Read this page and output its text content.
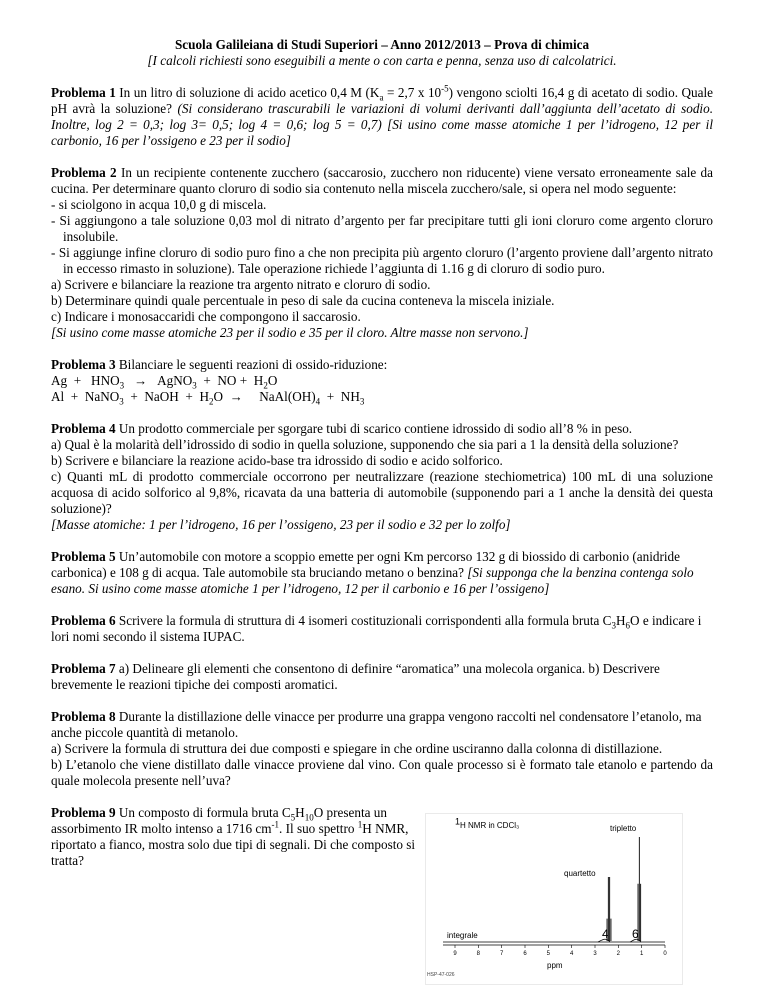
Scuola Galileiana di Studi Superiori – Anno 2012/2013 – Prova di chimica

[I calcoli richiesti sono eseguibili a mente o con carta e penna, senza uso di calcolatrici.

Problema 1 In un litro di soluzione di acido acetico 0,4 M ($K_a = 2,7$ x $10^{-5}$) vengono sciolti 16,4 g di acetato di sodio. Quale pH avrà la soluzione? (Si considerano trascurabili le variazioni di volumi derivanti dall’aggiunta dell’acetato di sodio. Inoltre, log 2 = 0,3; log 3= 0,5; log 4 = 0,6; log 5 = 0,7) [Si usino come masse atomiche 1 per l’idrogeno, 12 per il carbonio, 16 per l’ossigeno e 23 per il sodio]

Problema 2 In un recipiente contenente zucchero (saccarosio, zucchero non riducente) viene versato erroneamente sale da cucina. Per determinare quanto cloruro di sodio sia contenuto nella miscela zucchero/sale, si opera nel modo seguente:

- si sciolgono in acqua 10,0 g di miscela.

- Si aggiungono a tale soluzione 0,03 mol di nitrato d’argento per far precipitare tutti gli ioni cloruro come argento cloruro insolubile.

- Si aggiunge infine cloruro di sodio puro fino a che non precipita più argento cloruro (l’argento proviene dall’argento nitrato in eccesso rimasto in soluzione). Tale operazione richiede l’aggiunta di 1.16 g di cloruro di sodio puro.

a) Scrivere e bilanciare la reazione tra argento nitrato e cloruro di sodio.

b) Determinare quindi quale percentuale in peso di sale da cucina conteneva la miscela iniziale.

c) Indicare i monosaccaridi che compongono il saccarosio.

[Si usino come masse atomiche 23 per il sodio e 35 per il cloro. Altre masse non servono.]

Problema 3 Bilanciare le seguenti reazioni di ossido-riduzione:

$Ag + HNO_3$ → AgNO$_3$ + NO + $H_2O$

Al + NaNO$_3$ + NaOH + $H_2O$ → $NaAl(OH)_4 + NH_3$

Problema 4 Un prodotto commerciale per sgorgare tubi di scarico contiene idrossido di sodio all’8 % in peso.

a) Qual è la molarità dell’idrossido di sodio in quella soluzione, supponendo che sia pari a 1 la densità della soluzione?

b) Scrivere e bilanciare la reazione acido-base tra idrossido di sodio e acido solforico.

c) Quanti mL di prodotto commerciale occorrono per neutralizzare (reazione stechiometrica) 100 mL di una soluzione acquosa di acido solforico al 9,8%, ricavata da una batteria di automobile (supponendo pari a 1 anche la densità dei questa soluzione)?

[Masse atomiche: 1 per l’idrogeno, 16 per l’ossigeno, 23 per il sodio e 32 per lo zolfo]

Problema 5 Un’automobile con motore a scoppio emette per ogni Km percorso 132 g di biossido di carbonio (anidride carbonica) e 108 g di acqua. Tale automobile sta bruciando metano o benzina? [Si supponga che la benzina contenga solo esano. Si usino come masse atomiche 1 per l’idrogeno, 12 per il carbonio e 16 per l’ossigeno]

Problema 6 Scrivere la formula di struttura di 4 isomeri costituzionali corrispondenti alla formula bruta $C_3H_6O$ e indicare i lori nomi secondo il sistema IUPAC.

Problema 7 a) Delineare gli elementi che consentono di definire “aromatica” una molecola organica. b) Descrivere brevemente le reazioni tipiche dei composti aromatici.

Problema 8 Durante la distillazione delle vinacce per produrre una grappa vengono raccolti nel condensatore l’etanolo, ma anche piccole quantità di metanolo.

a) Scrivere la formula di struttura dei due composti e spiegare in che ordine usciranno dalla colonna di distillazione.

b) L’etanolo che viene distillato dalle vinacce proviene dal vino. Con quale processo si è formato tale etanolo e partendo da quale molecola presente nell’uva?

Problema 9 Un composto di formula bruta $C_5H_{10}O$ presenta un assorbimento IR molto intenso a 1716 $cm^{-1}$. Il suo spettro $^1$H NMR, riportato a fianco, mostra solo due tipi di segnali. Di che composto si tratta?

9	8	7	6	5	4	3	2	1	0
$^1$H NMR in CDCl₃	tripletto
quartetto
integrale	4 6
ppm
HSP-47-026
